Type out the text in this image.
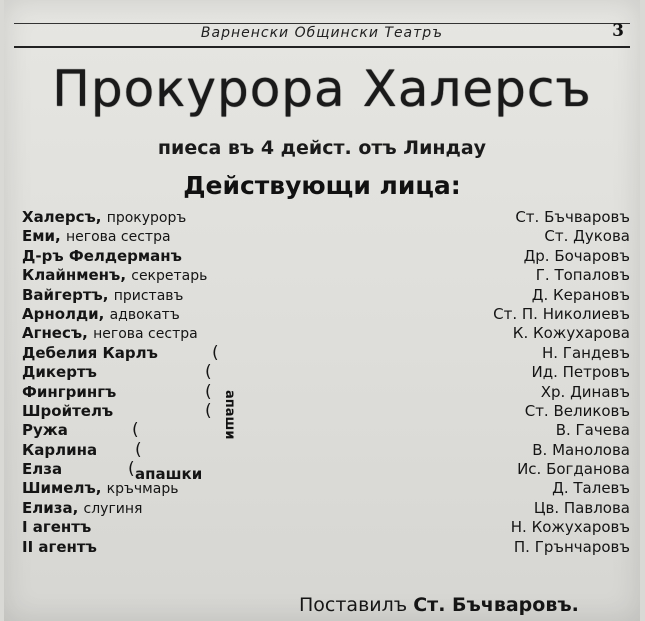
Варненски Общински Театръ	3
Прокурора Халерсъ
пиеса въ 4 дейст. отъ Линдау
Действующи лица:
Халерсъ, прокуроръ	Ст. Бъчваровъ
Еми, негова сестра	Ст. Дукова
Д-ръ Фелдерманъ	Др. Бочаровъ
Клайнменъ, секретарь	Г. Топаловъ
Вайгертъ, приставъ	Д. Керановъ
Арнолди, адвокатъ	Ст. П. Николиевъ
Агнесъ, негова сестра	К. Кожухарова
Дебелия Карлъ	(	Н. Гандевъ
Дикертъ	(	Ид. Петровъ
Фингрингъ	(	Хр. Динавъ
Шройтелъ	(	Ст. Великовъ
Ружа	(	В. Гачева
Карлина (	В. Манолова
Елза	(	Ис. Богданова
Шимелъ, кръчмарь	Д. Талевъ
Елиза, слугиня	Цв. Павлова
I агентъ	Н. Кожухаровъ
II агентъ	П. Грънчаровъ
апаши
апашки
Поставилъ Ст. Бъчваровъ.
